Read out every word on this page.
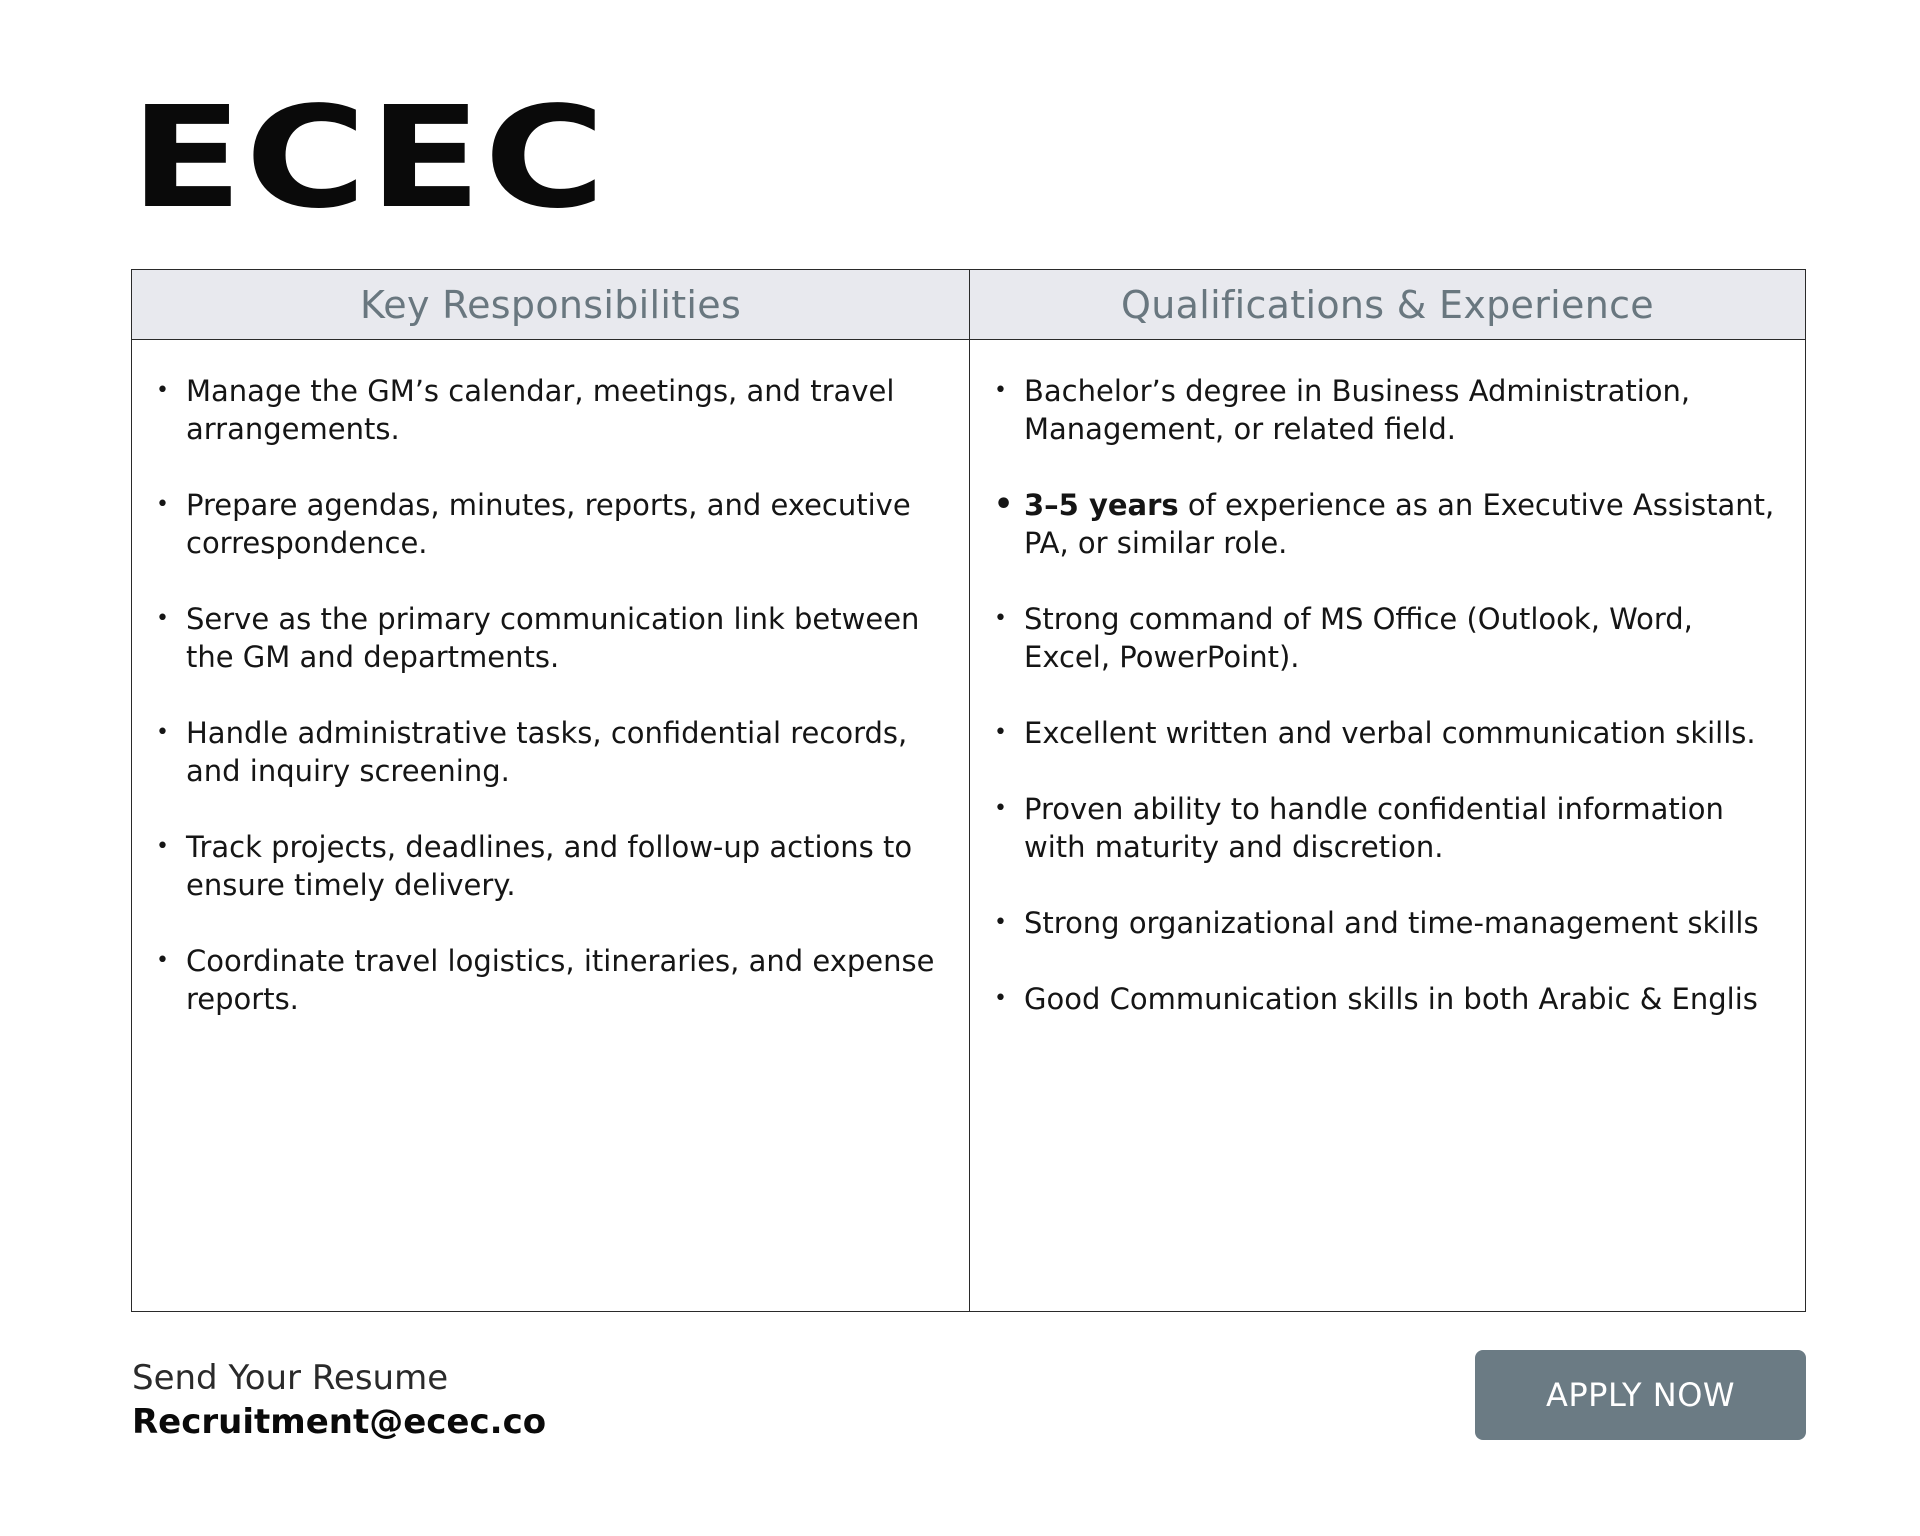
ECEC
Key Responsibilities	Qualifications & Experience
• Manage the GM’s calendar, meetings, and travel arrangements.
• Prepare agendas, minutes, reports, and executive correspondence.
• Serve as the primary communication link between the GM and departments.
• Handle administrative tasks, confidential records, and inquiry screening.
• Track projects, deadlines, and follow-up actions to ensure timely delivery.
• Coordinate travel logistics, itineraries, and expense reports.
• Bachelor’s degree in Business Administration, Management, or related field.
• 3–5 years of experience as an Executive Assistant, PA, or similar role.
• Strong command of MS Office (Outlook, Word, Excel, PowerPoint).
• Excellent written and verbal communication skills.
• Proven ability to handle confidential information with maturity and discretion.
• Strong organizational and time-management skills
• Good Communication skills in both Arabic & Englis
Send Your Resume
Recruitment@ecec.co
APPLY NOW
